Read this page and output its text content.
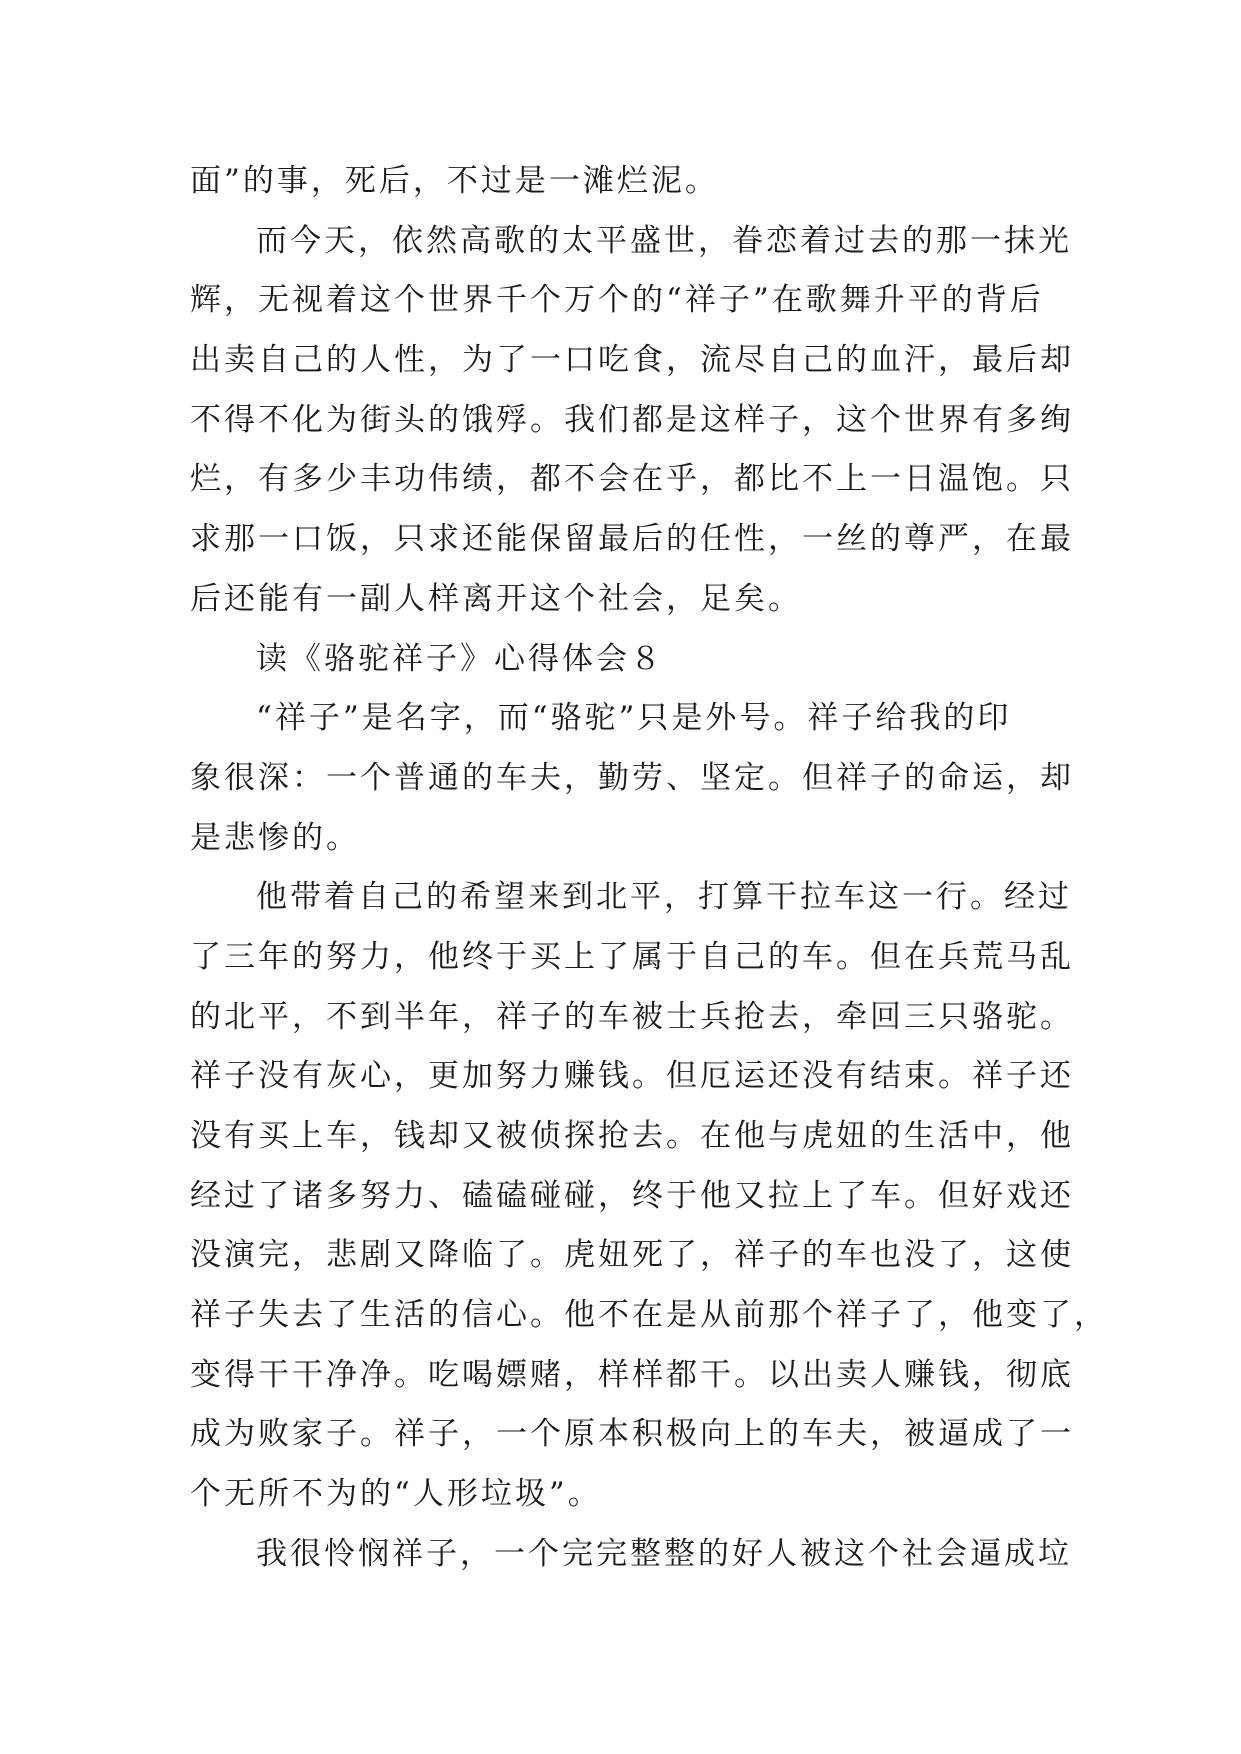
面”的事，死后，不过是一滩烂泥。
而今天，依然高歌的太平盛世，眷恋着过去的那一抹光
辉，无视着这个世界千个万个的“祥子”在歌舞升平的背后
出卖自己的人性，为了一口吃食，流尽自己的血汗，最后却
不得不化为街头的饿殍。我们都是这样子，这个世界有多绚
烂，有多少丰功伟绩，都不会在乎，都比不上一日温饱。只
求那一口饭，只求还能保留最后的任性，一丝的尊严，在最
后还能有一副人样离开这个社会，足矣。
读《骆驼祥子》心得体会８
“祥子”是名字，而“骆驼”只是外号。祥子给我的印
象很深：一个普通的车夫，勤劳、坚定。但祥子的命运，却
是悲惨的。
他带着自己的希望来到北平，打算干拉车这一行。经过
了三年的努力，他终于买上了属于自己的车。但在兵荒马乱
的北平，不到半年，祥子的车被士兵抢去，牵回三只骆驼。
祥子没有灰心，更加努力赚钱。但厄运还没有结束。祥子还
没有买上车，钱却又被侦探抢去。在他与虎妞的生活中，他
经过了诸多努力、磕磕碰碰，终于他又拉上了车。但好戏还
没演完，悲剧又降临了。虎妞死了，祥子的车也没了，这使
祥子失去了生活的信心。他不在是从前那个祥子了，他变了，
变得干干净净。吃喝嫖赌，样样都干。以出卖人赚钱，彻底
成为败家子。祥子，一个原本积极向上的车夫，被逼成了一
个无所不为的“人形垃圾”。
我很怜悯祥子，一个完完整整的好人被这个社会逼成垃
